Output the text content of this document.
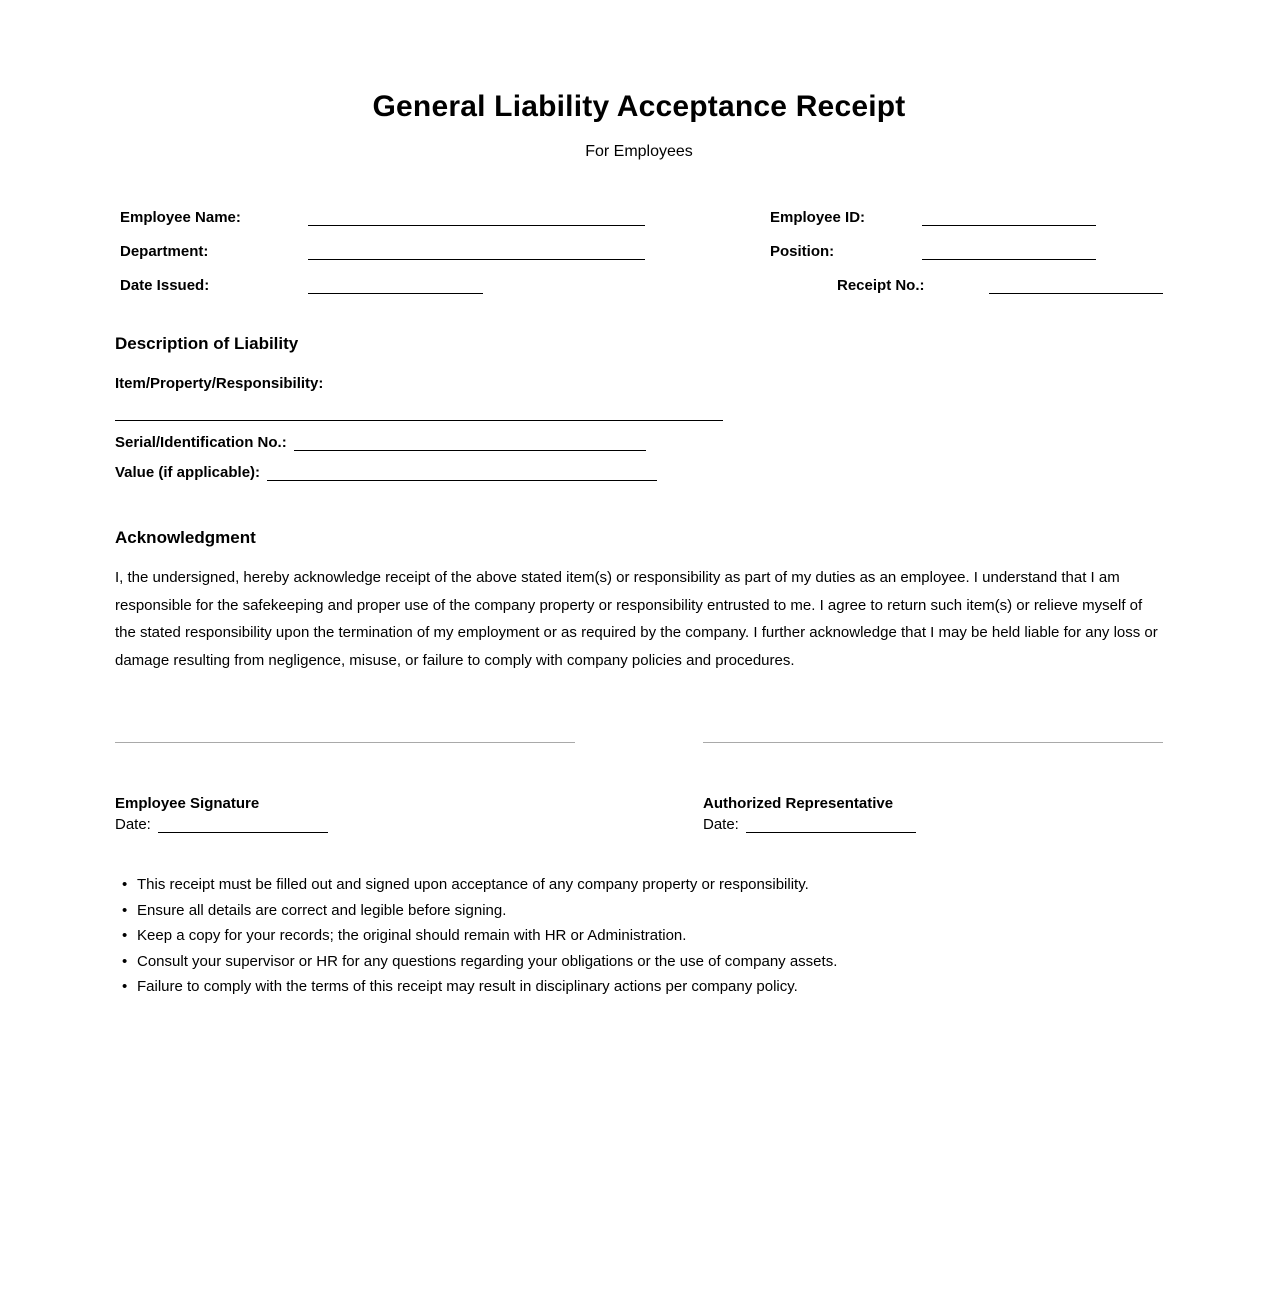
General Liability Acceptance Receipt
For Employees
Employee Name:	Employee ID:
Department:	Position:
Date Issued:	Receipt No.:
Description of Liability
Item/Property/Responsibility:
Serial/Identification No.:
Value (if applicable):
Acknowledgment

I, the undersigned, hereby acknowledge receipt of the above stated item(s) or responsibility as part of my duties as an employee. I understand that I am responsible for the safekeeping and proper use of the company property or responsibility entrusted to me. I agree to return such item(s) or relieve myself of the stated responsibility upon the termination of my employment or as required by the company. I further acknowledge that I may be held liable for any loss or damage resulting from negligence, misuse, or failure to comply with company policies and procedures.

Employee Signature
Date:
Authorized Representative
Date:
• This receipt must be filled out and signed upon acceptance of any company property or responsibility.
• Ensure all details are correct and legible before signing.
• Keep a copy for your records; the original should remain with HR or Administration.
• Consult your supervisor or HR for any questions regarding your obligations or the use of company assets.
• Failure to comply with the terms of this receipt may result in disciplinary actions per company policy.
